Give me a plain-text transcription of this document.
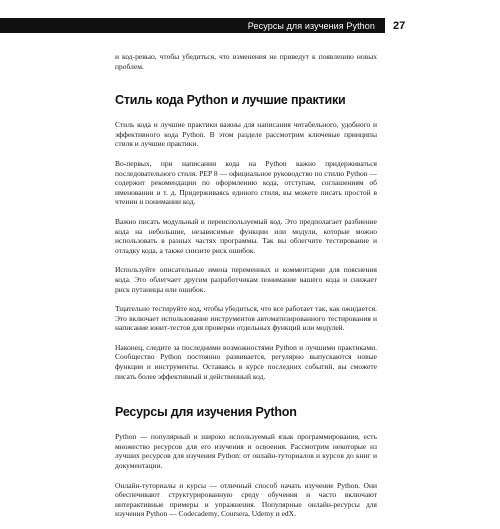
Ресурсы для изучения Python 27

и код-ревью, чтобы убедиться, что изменения не приведут к появлению новых проблем.

Стиль кода Python и лучшие практики

Стиль кода и лучшие практики важны для написания читабельного, удобного и эффективного кода Python. В этом разделе рассмотрим ключевые принципы стиля и лучшие практики.

Во-первых, при написании кода на Python важно придерживаться последовательного стиля. PEP 8 — официальное руководство по стилю Python — содержит рекомендации по оформлению кода, отступам, соглашениям об именовании и т. д. Придерживаясь единого стиля, вы можете писать простой в чтении и понимании код.

Важно писать модульный и переиспользуемый код. Это предполагает разбиение кода на небольшие, независимые функции или модули, которые можно использовать в разных частях программы. Так вы облегчите тестирование и отладку кода, а также снизите риск ошибок.

Используйте описательные имена переменных и комментарии для пояснения кода. Это облегчает другим разработчикам понимание вашего кода и снижает риск путаницы или ошибок.

Тщательно тестируйте код, чтобы убедиться, что все работает так, как ожидается. Это включает использование инструментов автоматизированного тестирования и написание юнит-тестов для проверки отдельных функций или модулей.

Наконец, следите за последними возможностями Python и лучшими практиками. Сообщество Python постоянно развивается, регулярно выпускаются новые функции и инструменты. Оставаясь в курсе последних событий, вы сможете писать более эффективный и действенный код.

Ресурсы для изучения Python

Python — популярный и широко используемый язык программирования, есть множество ресурсов для его изучения и освоения. Рассмотрим некоторые из лучших ресурсов для изучения Python: от онлайн-туториалов и курсов до книг и документации.

Онлайн-туториалы и курсы — отличный способ начать изучение Python. Они обеспечивают структурированную среду обучения и часто включают интерактивные примеры и упражнения. Популярные онлайн-ресурсы для изучения Python — Codecademy, Coursera, Udemy и edX.
